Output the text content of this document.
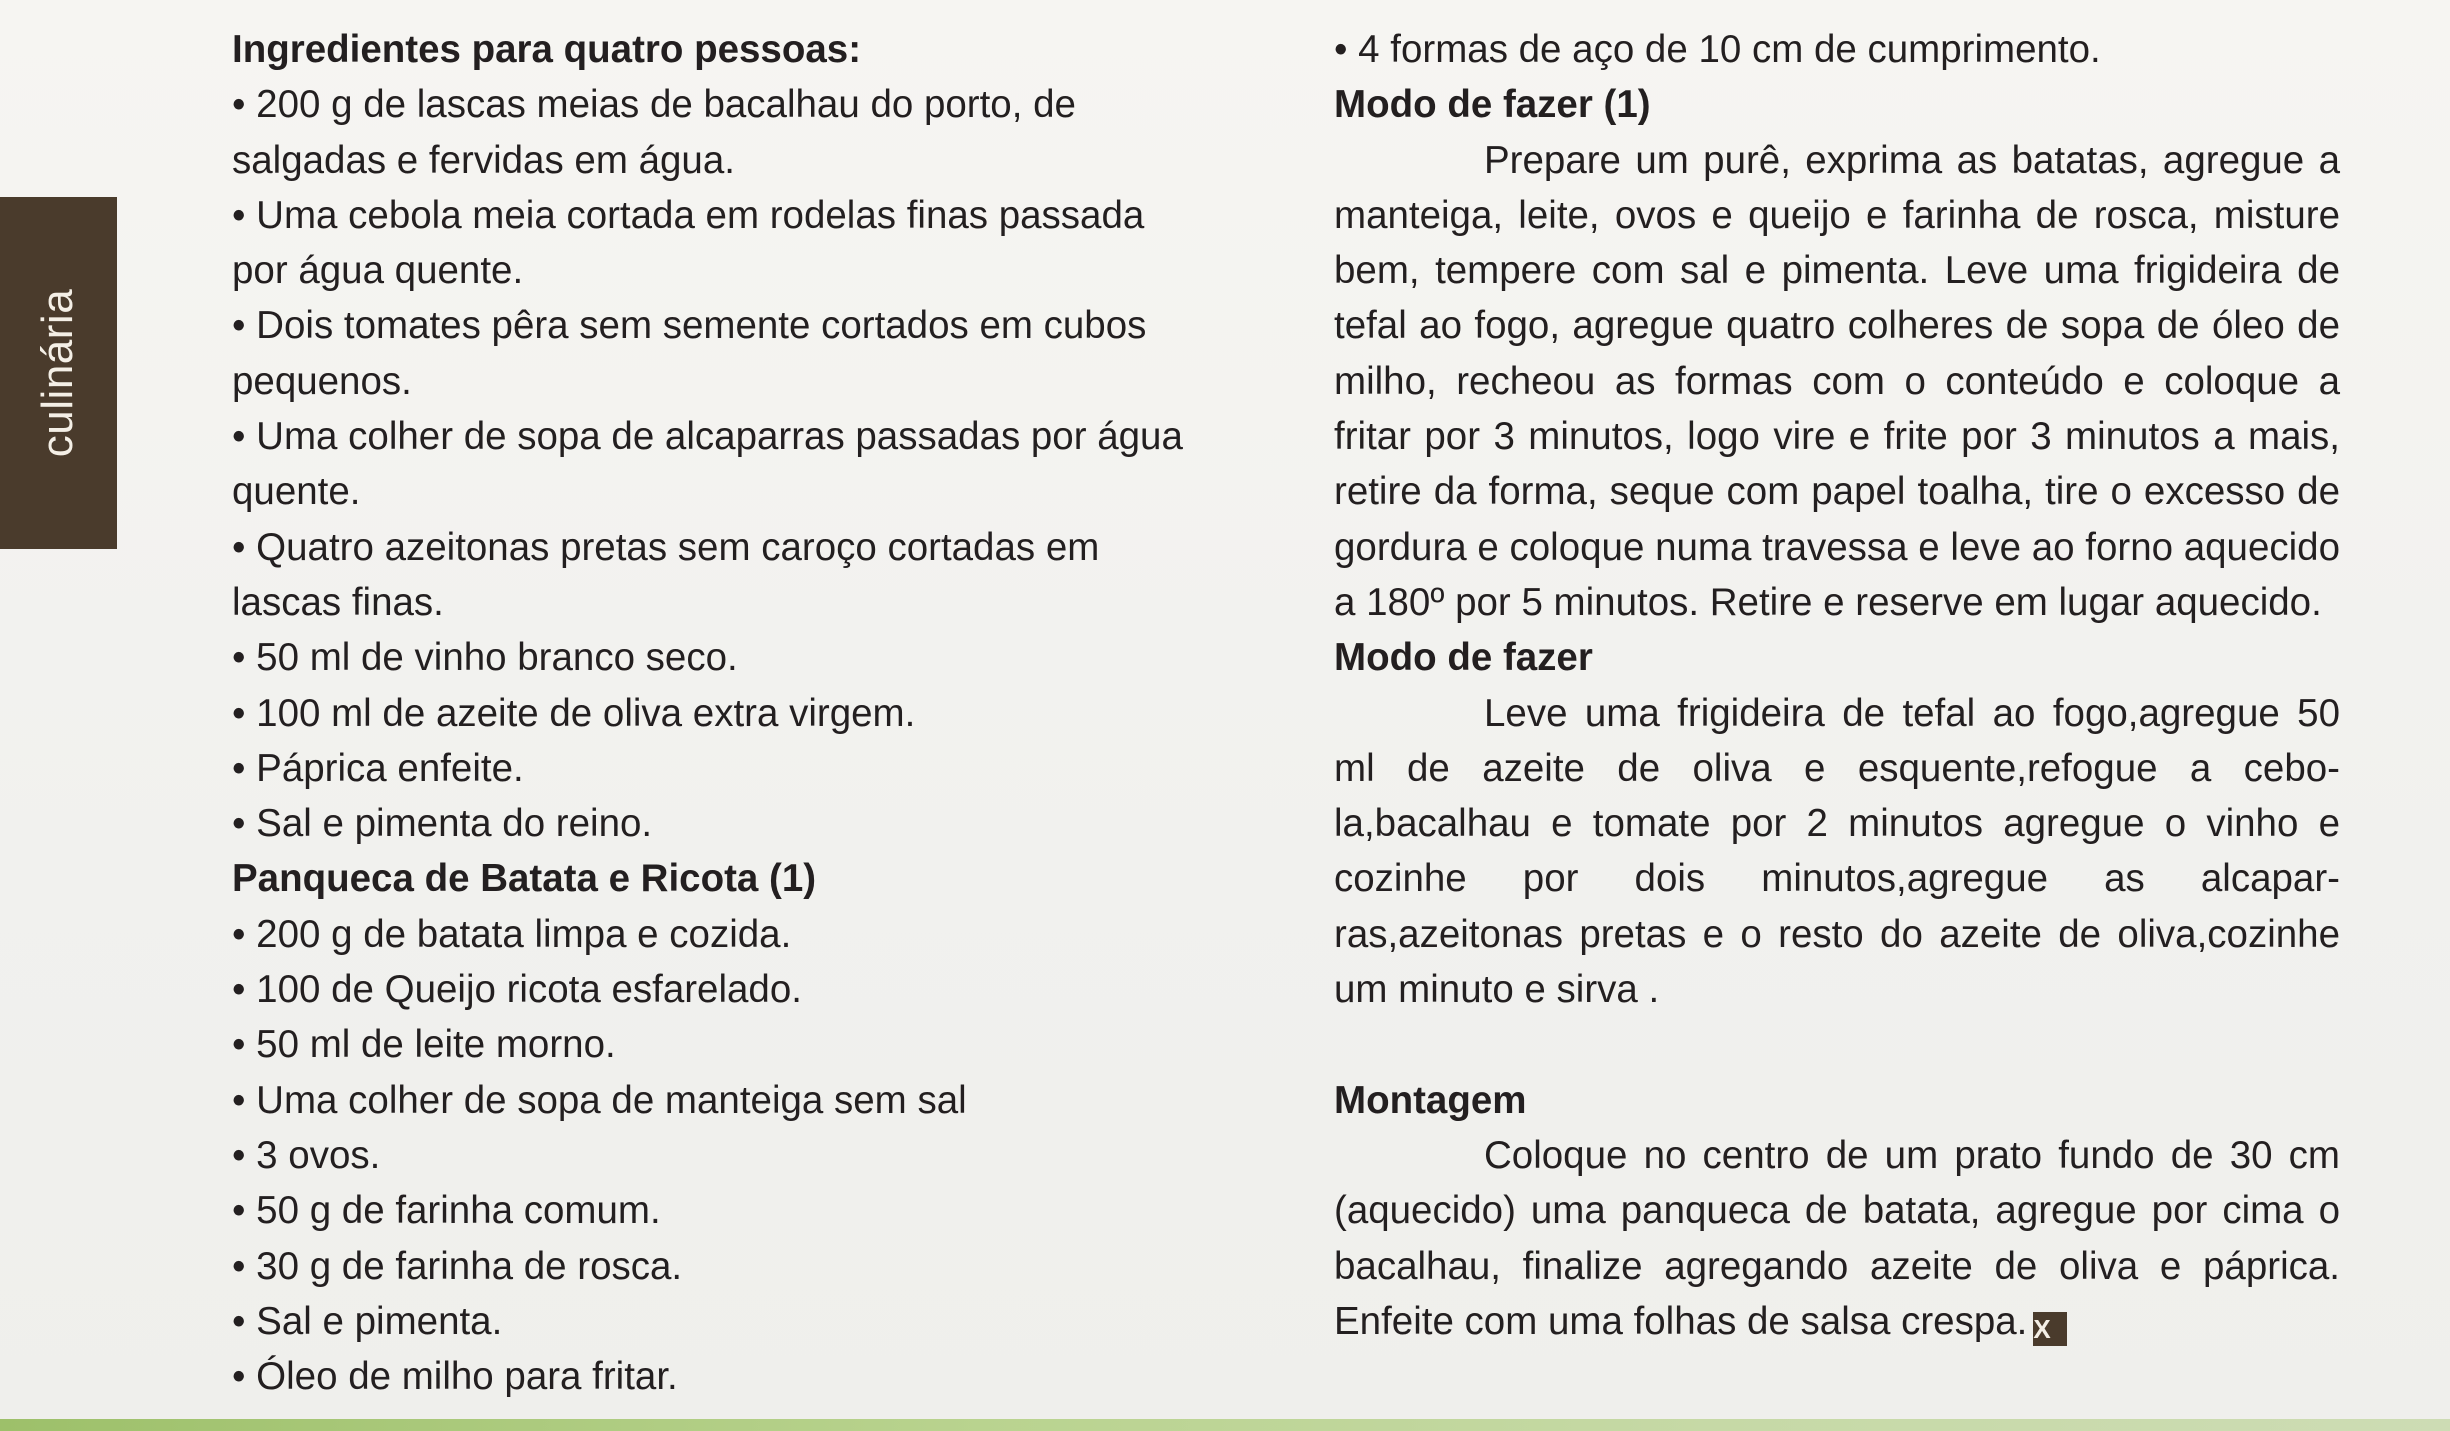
culinária
Ingredientes para quatro pessoas:
• 200 g de lascas meias de bacalhau do porto, de
salgadas e fervidas em água.
• Uma cebola meia cortada em rodelas finas passada
por água quente.
• Dois tomates pêra sem semente cortados em cubos
pequenos.
• Uma colher de sopa de alcaparras passadas por água
quente.
• Quatro azeitonas pretas sem caroço cortadas em
lascas finas.
• 50 ml de vinho branco seco.
• 100 ml de azeite de oliva extra virgem.
• Páprica enfeite.
• Sal e pimenta do reino.
Panqueca de Batata e Ricota (1)
• 200 g de batata limpa e cozida.
• 100 de Queijo ricota esfarelado.
• 50 ml de leite morno.
• Uma colher de sopa de manteiga sem sal
• 3 ovos.
• 50 g de farinha comum.
• 30 g de farinha de rosca.
• Sal e pimenta.
• Óleo de milho para fritar.
• 4 formas de aço de 10 cm de cumprimento.
Modo de fazer (1)
Prepare um purê, exprima as batatas, agregue a manteiga, leite, ovos e queijo e farinha de rosca, misture bem, tempere com sal e pimenta. Leve uma frigideira de tefal ao fogo, agregue quatro colheres de sopa de óleo de milho, recheou as formas com o conteúdo e coloque a fritar por 3 minutos, logo vire e frite por 3 minutos a mais, retire da forma, seque com papel toalha, tire o excesso de gordura e coloque numa travessa e leve ao forno aquecido a 180º por 5 minutos. Retire e reserve em lugar aquecido.
Modo de fazer
Leve uma frigideira de tefal ao fogo,agregue 50 ml de azeite de oliva e esquente,refogue a cebo-la,bacalhau e tomate por 2 minutos agregue o vinho e cozinhe por dois minutos,agregue as alcapar-ras,azeitonas pretas e o resto do azeite de oliva,cozinhe um minuto e sirva .
Montagem
Coloque no centro de um prato fundo de 30 cm (aquecido) uma panqueca de batata, agregue por cima o bacalhau, finalize agregando azeite de oliva e páprica. Enfeite com uma folhas de salsa crespa. X
